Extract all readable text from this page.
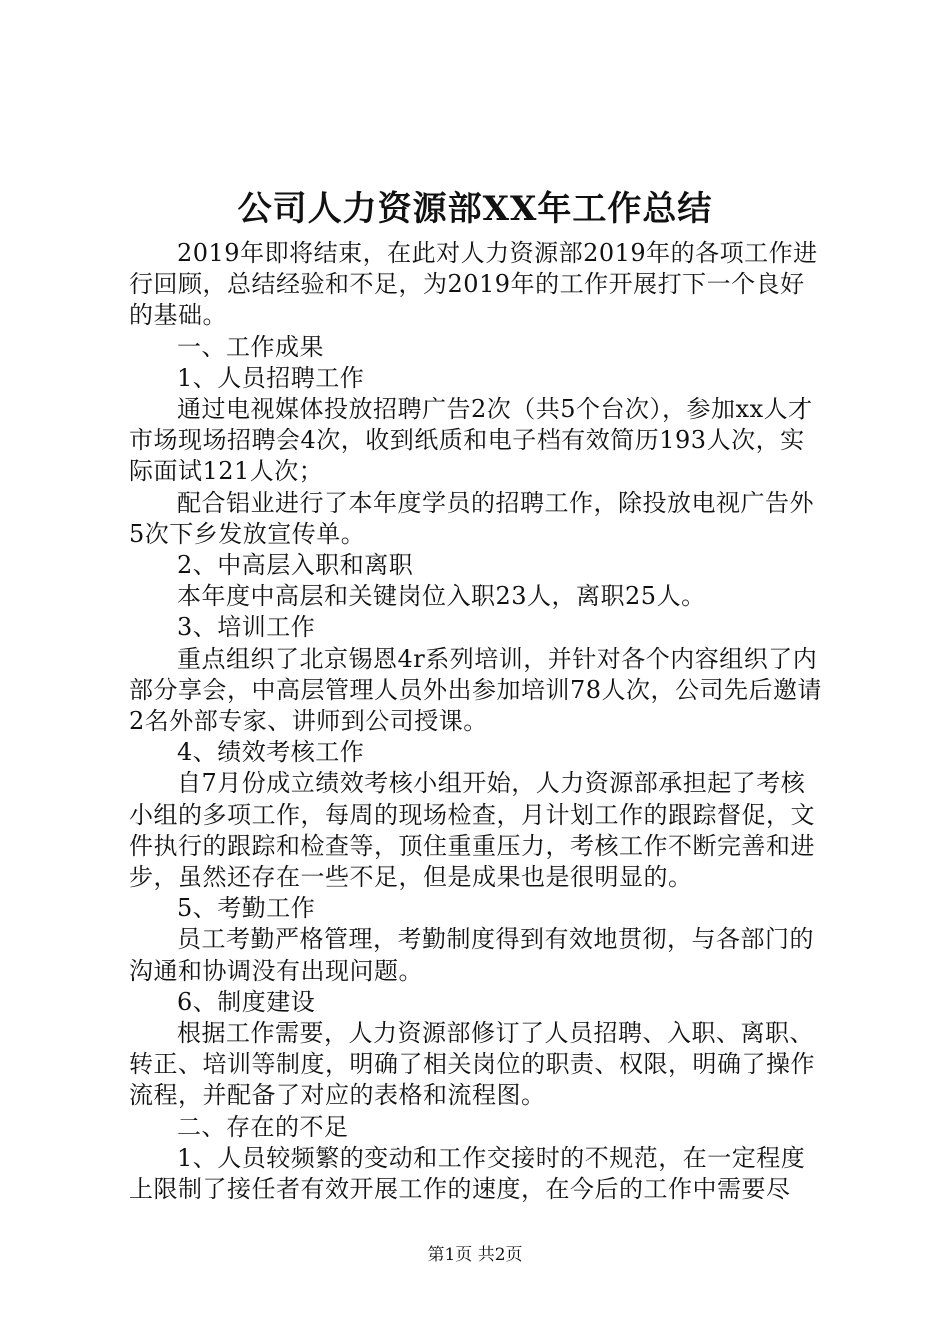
公司人力资源部XX年工作总结

2019年即将结束，在此对人力资源部2019年的各项工作进行回顾，总结经验和不足，为2019年的工作开展打下一个良好的基础。

一、工作成果

1、人员招聘工作

通过电视媒体投放招聘广告2次（共5个台次），参加xx人才市场现场招聘会4次，收到纸质和电子档有效简历193人次，实际面试121人次；

配合铝业进行了本年度学员的招聘工作，除投放电视广告外5次下乡发放宣传单。

2、中高层入职和离职

本年度中高层和关键岗位入职23人，离职25人。

3、培训工作

重点组织了北京锡恩4r系列培训，并针对各个内容组织了内部分享会，中高层管理人员外出参加培训78人次，公司先后邀请2名外部专家、讲师到公司授课。

4、绩效考核工作

自7月份成立绩效考核小组开始，人力资源部承担起了考核小组的多项工作，每周的现场检查，月计划工作的跟踪督促，文件执行的跟踪和检查等，顶住重重压力，考核工作不断完善和进步，虽然还存在一些不足，但是成果也是很明显的。

5、考勤工作

员工考勤严格管理，考勤制度得到有效地贯彻，与各部门的沟通和协调没有出现问题。

6、制度建设

根据工作需要，人力资源部修订了人员招聘、入职、离职、转正、培训等制度，明确了相关岗位的职责、权限，明确了操作流程，并配备了对应的表格和流程图。

二、存在的不足

1、人员较频繁的变动和工作交接时的不规范，在一定程度上限制了接任者有效开展工作的速度，在今后的工作中需要尽

第1页 共2页
